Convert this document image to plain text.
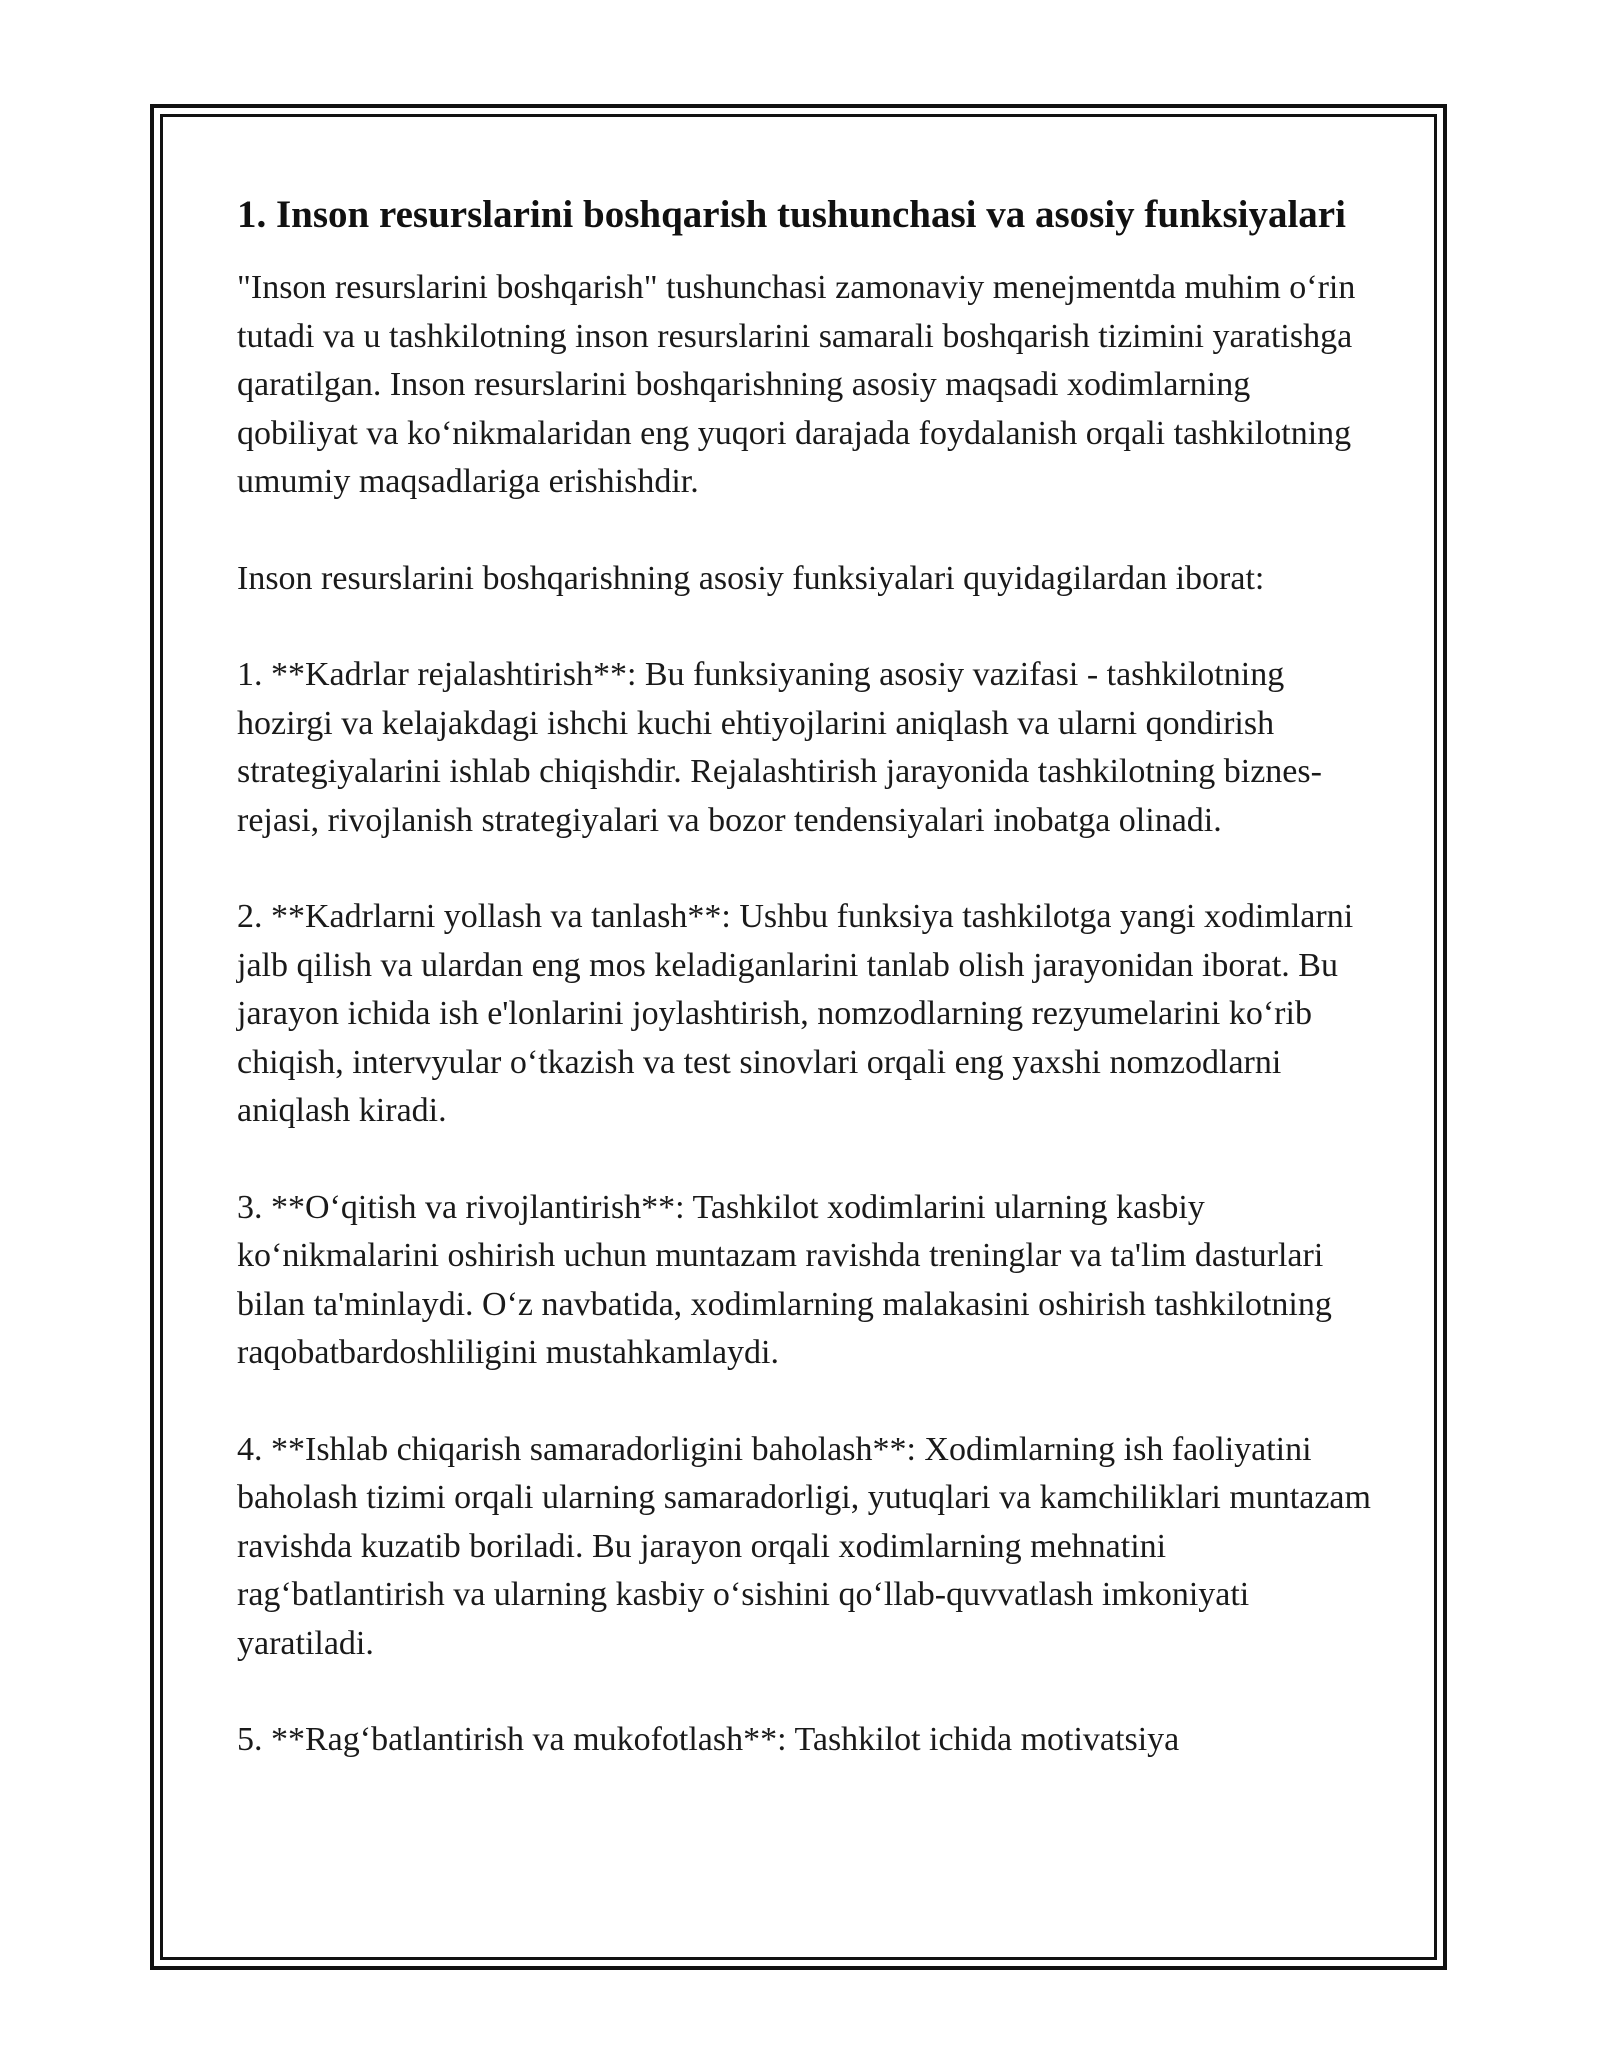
1. Inson resurslarini boshqarish tushunchasi va asosiy funksiyalari

"Inson resurslarini boshqarish" tushunchasi zamonaviy menejmentda muhim o‘rin tutadi va u tashkilotning inson resurslarini samarali boshqarish tizimini yaratishga qaratilgan. Inson resurslarini boshqarishning asosiy maqsadi xodimlarning qobiliyat va ko‘nikmalaridan eng yuqori darajada foydalanish orqali tashkilotning umumiy maqsadlariga erishishdir.

Inson resurslarini boshqarishning asosiy funksiyalari quyidagilardan iborat:

1. **Kadrlar rejalashtirish**: Bu funksiyaning asosiy vazifasi - tashkilotning hozirgi va kelajakdagi ishchi kuchi ehtiyojlarini aniqlash va ularni qondirish strategiyalarini ishlab chiqishdir. Rejalashtirish jarayonida tashkilotning biznes-rejasi, rivojlanish strategiyalari va bozor tendensiyalari inobatga olinadi.

2. **Kadrlarni yollash va tanlash**: Ushbu funksiya tashkilotga yangi xodimlarni jalb qilish va ulardan eng mos keladiganlarini tanlab olish jarayonidan iborat. Bu jarayon ichida ish e'lonlarini joylashtirish, nomzodlarning rezyumelarini ko‘rib chiqish, intervyular o‘tkazish va test sinovlari orqali eng yaxshi nomzodlarni aniqlash kiradi.

3. **O‘qitish va rivojlantirish**: Tashkilot xodimlarini ularning kasbiy ko‘nikmalarini oshirish uchun muntazam ravishda treninglar va ta'lim dasturlari bilan ta'minlaydi. O‘z navbatida, xodimlarning malakasini oshirish tashkilotning raqobatbardoshliligini mustahkamlaydi.

4. **Ishlab chiqarish samaradorligini baholash**: Xodimlarning ish faoliyatini baholash tizimi orqali ularning samaradorligi, yutuqlari va kamchiliklari muntazam ravishda kuzatib boriladi. Bu jarayon orqali xodimlarning mehnatini rag‘batlantirish va ularning kasbiy o‘sishini qo‘llab-quvvatlash imkoniyati yaratiladi.

5. **Rag‘batlantirish va mukofotlash**: Tashkilot ichida motivatsiya
